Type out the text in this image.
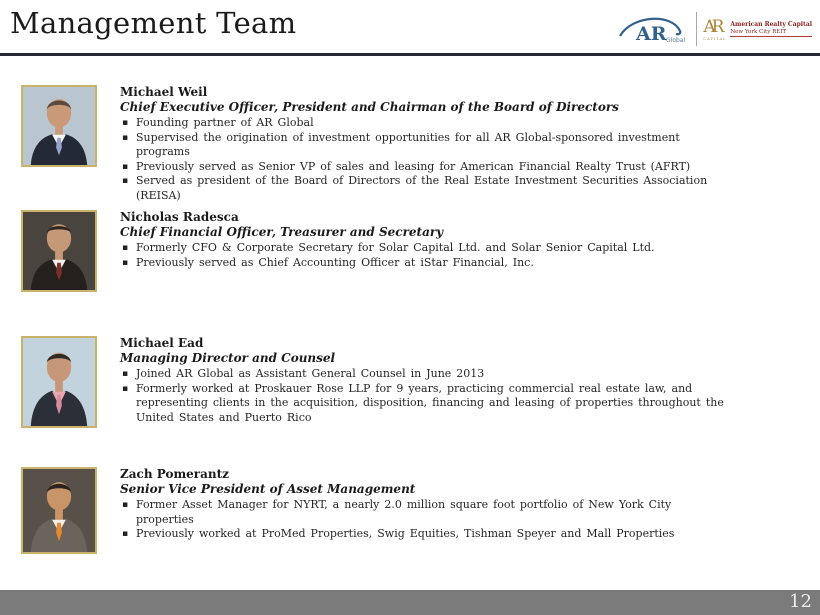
Management Team	AR Global
AR
CAPITAL
American Realty Capital
New York City REIT
Michael Weil
Chief Executive Officer, President and Chairman of the Board of Directors
▪ Founding partner of AR Global
▪ Supervised the origination of investment opportunities for all AR Global-sponsored investment programs
▪ Previously served as Senior VP of sales and leasing for American Financial Realty Trust (AFRT)
▪ Served as president of the Board of Directors of the Real Estate Investment Securities Association (REISA)
Nicholas Radesca
Chief Financial Officer, Treasurer and Secretary
▪ Formerly CFO & Corporate Secretary for Solar Capital Ltd. and Solar Senior Capital Ltd.
▪ Previously served as Chief Accounting Officer at iStar Financial, Inc.
Michael Ead
Managing Director and Counsel
▪ Joined AR Global as Assistant General Counsel in June 2013
▪ Formerly worked at Proskauer Rose LLP for 9 years, practicing commercial real estate law, and representing clients in the acquisition, disposition, financing and leasing of properties throughout the United States and Puerto Rico
Zach Pomerantz
Senior Vice President of Asset Management
▪ Former Asset Manager for NYRT, a nearly 2.0 million square foot portfolio of New York City properties
▪ Previously worked at ProMed Properties, Swig Equities, Tishman Speyer and Mall Properties
12
